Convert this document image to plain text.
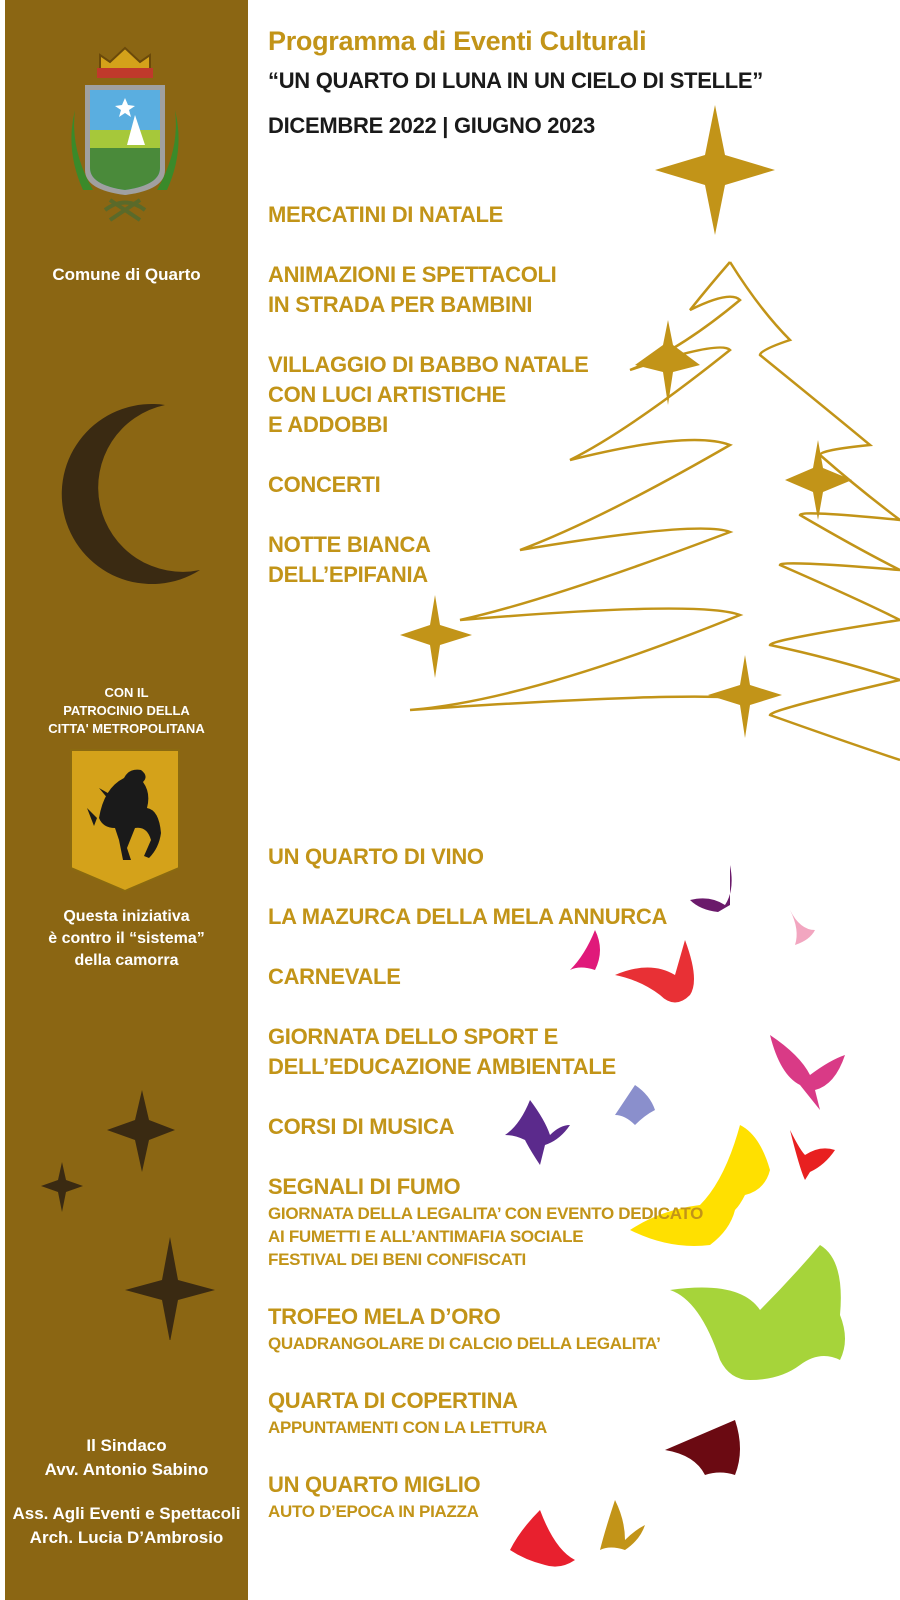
Comune di Quarto
CON IL
PATROCINIO DELLA
CITTA' METROPOLITANA
Questa iniziativa
è contro il “sistema”
della camorra
Il Sindaco
Avv. Antonio Sabino
Ass. Agli Eventi e Spettacoli
Arch. Lucia D’Ambrosio
Programma di Eventi Culturali
“UN QUARTO DI LUNA IN UN CIELO DI STELLE”
DICEMBRE 2022 | GIUGNO 2023
MERCATINI DI NATALE
ANIMAZIONI E SPETTACOLI
IN STRADA PER BAMBINI
VILLAGGIO DI BABBO NATALE
CON LUCI ARTISTICHE
E ADDOBBI
CONCERTI
NOTTE BIANCA
DELL’EPIFANIA
UN QUARTO DI VINO
LA MAZURCA DELLA MELA ANNURCA
CARNEVALE
GIORNATA DELLO SPORT E
DELL’EDUCAZIONE AMBIENTALE
CORSI DI MUSICA
SEGNALI DI FUMO
GIORNATA DELLA LEGALITA’ CON EVENTO DEDICATO
AI FUMETTI E ALL’ANTIMAFIA SOCIALE
FESTIVAL DEI BENI CONFISCATI
TROFEO MELA D’ORO
QUADRANGOLARE DI CALCIO DELLA LEGALITA’
QUARTA DI COPERTINA
APPUNTAMENTI CON LA LETTURA
UN QUARTO MIGLIO
AUTO D’EPOCA IN PIAZZA
